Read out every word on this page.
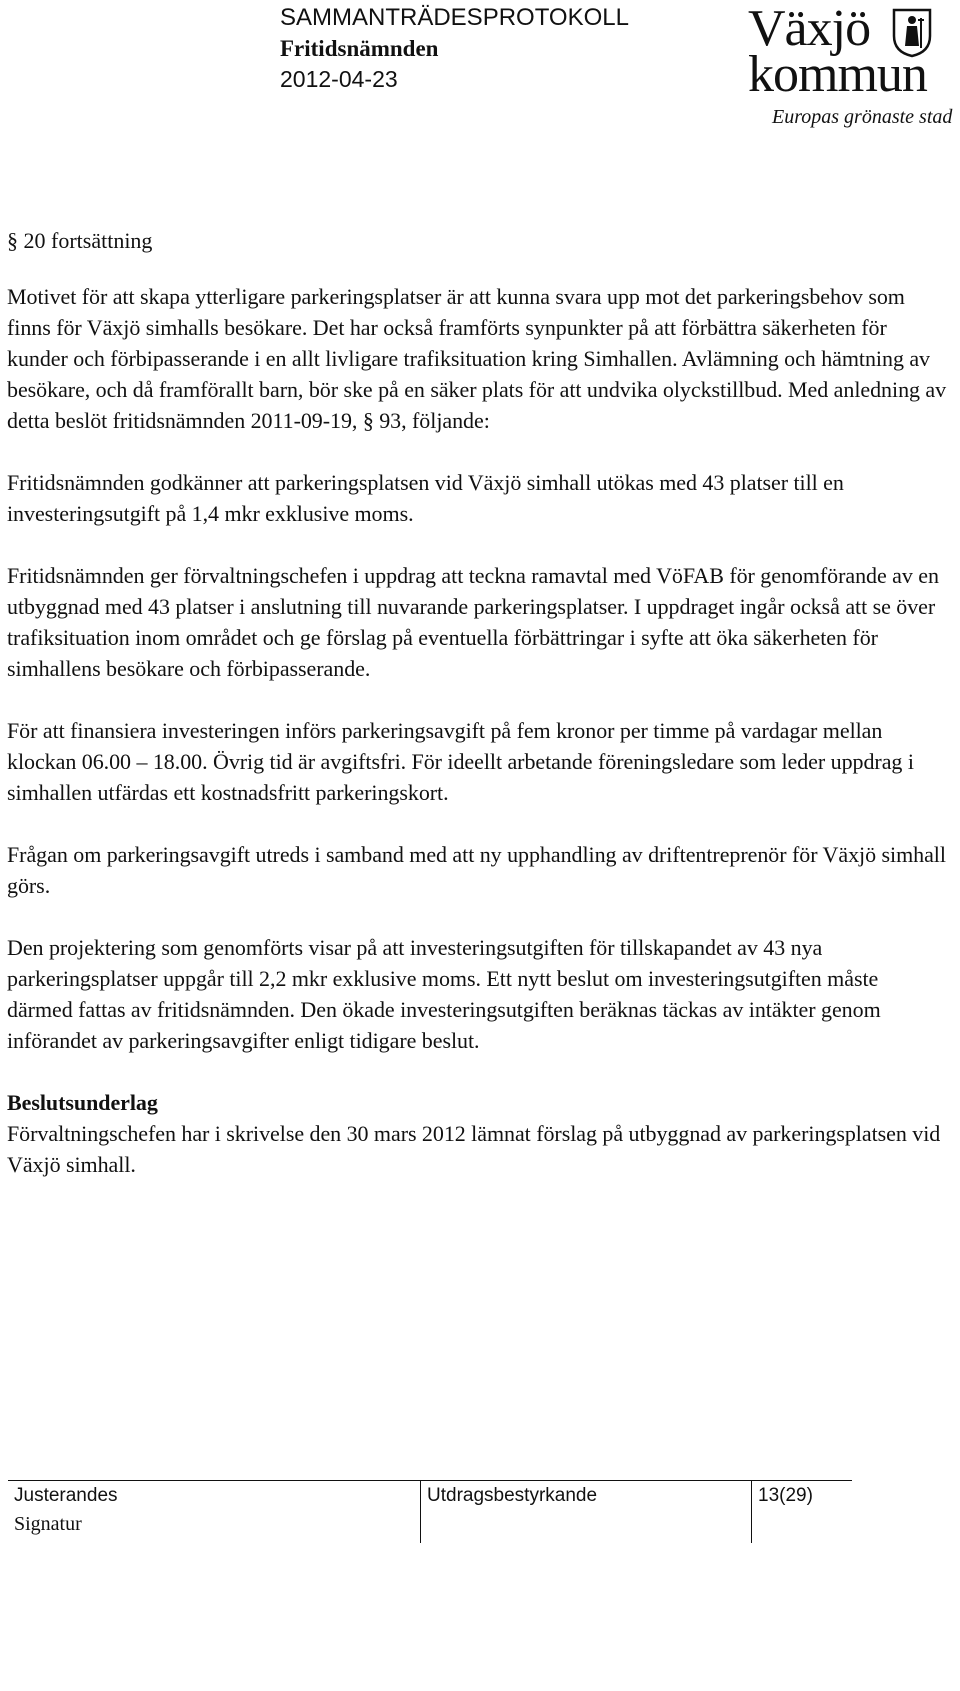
SAMMANTRÄDESPROTOKOLL
Fritidsnämnden
2012-04-23
Växjö
kommun
Europas grönaste stad
§ 20 fortsättning

Motivet för att skapa ytterligare parkeringsplatser är att kunna svara upp mot det parkeringsbehov som finns för Växjö simhalls besökare. Det har också framförts synpunkter på att förbättra säkerheten för kunder och förbipasserande i en allt livligare trafiksituation kring Simhallen. Avlämning och hämtning av besökare, och då framförallt barn, bör ske på en säker plats för att undvika olyckstillbud. Med anledning av detta beslöt fritidsnämnden 2011-09-19, § 93, följande:

Fritidsnämnden godkänner att parkeringsplatsen vid Växjö simhall utökas med 43 platser till en investeringsutgift på 1,4 mkr exklusive moms.

Fritidsnämnden ger förvaltningschefen i uppdrag att teckna ramavtal med VöFAB för genomförande av en utbyggnad med 43 platser i anslutning till nuvarande parkeringsplatser. I uppdraget ingår också att se över trafiksituation inom området och ge förslag på eventuella förbättringar i syfte att öka säkerheten för simhallens besökare och förbipasserande.

För att finansiera investeringen införs parkeringsavgift på fem kronor per timme på vardagar mellan klockan 06.00 – 18.00. Övrig tid är avgiftsfri. För ideellt arbetande föreningsledare som leder uppdrag i simhallen utfärdas ett kostnadsfritt parkeringskort.

Frågan om parkeringsavgift utreds i samband med att ny upphandling av driftentreprenör för Växjö simhall görs.

Den projektering som genomförts visar på att investeringsutgiften för tillskapandet av 43 nya parkeringsplatser uppgår till 2,2 mkr exklusive moms. Ett nytt beslut om investeringsutgiften måste därmed fattas av fritidsnämnden. Den ökade investeringsutgiften beräknas täckas av intäkter genom införandet av parkeringsavgifter enligt tidigare beslut.

Beslutsunderlag
Förvaltningschefen har i skrivelse den 30 mars 2012 lämnat förslag på utbyggnad av parkeringsplatsen vid Växjö simhall.

Justerandes
Signatur
Utdragsbestyrkande	13(29)
